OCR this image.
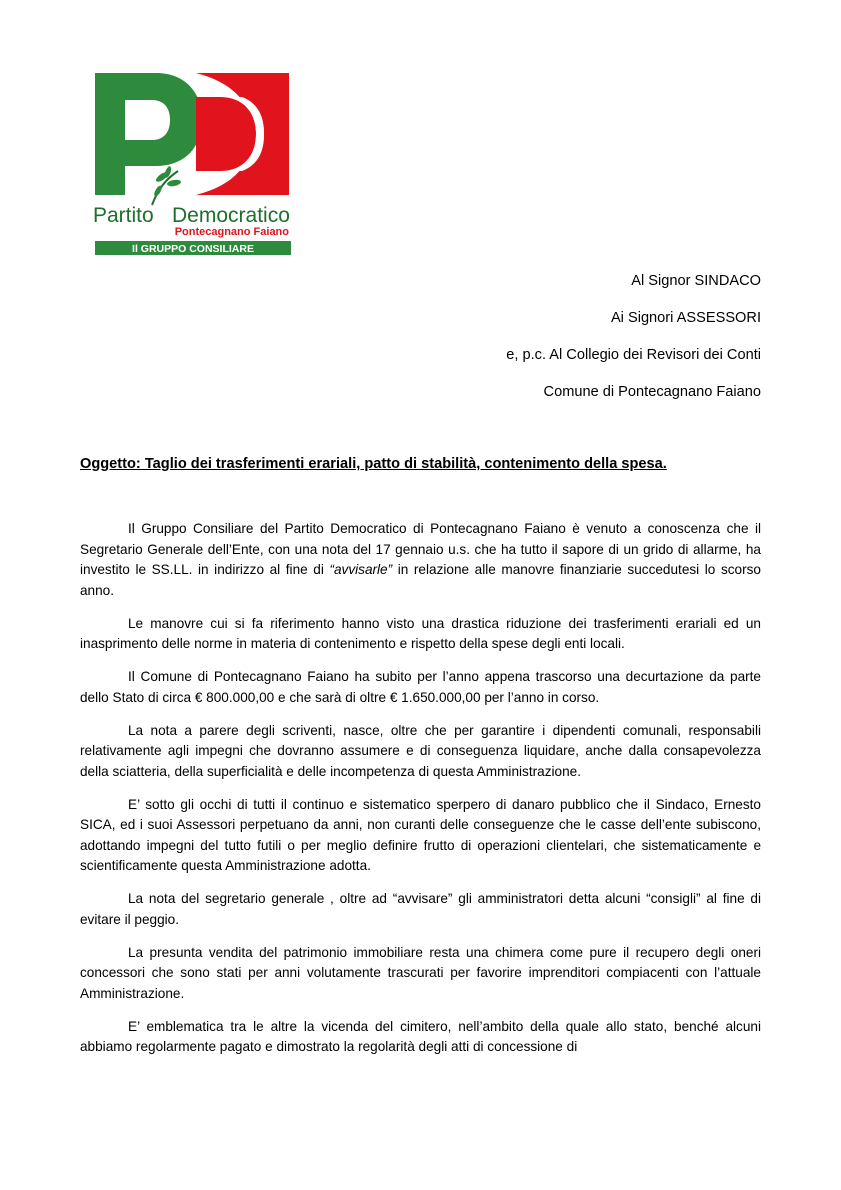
Partito Democratico
Pontecagnano Faiano
Il GRUPPO CONSILIARE
Al Signor SINDACO
Ai Signori ASSESSORI
e, p.c. Al Collegio dei Revisori dei Conti
Comune di Pontecagnano Faiano
Oggetto: Taglio dei trasferimenti erariali, patto di stabilità, contenimento della spesa.

Il Gruppo Consiliare del Partito Democratico di Pontecagnano Faiano è venuto a conoscenza che il Segretario Generale dell’Ente, con una nota del 17 gennaio u.s. che ha tutto il sapore di un grido di allarme, ha investito le SS.LL. in indirizzo al fine di “avvisarle” in relazione alle manovre finanziarie succedutesi lo scorso anno.

Le manovre cui si fa riferimento hanno visto una drastica riduzione dei trasferimenti erariali ed un inasprimento delle norme in materia di contenimento e rispetto della spese degli enti locali.

Il Comune di Pontecagnano Faiano ha subito per l’anno appena trascorso una decurtazione da parte dello Stato di circa € 800.000,00 e che sarà di oltre € 1.650.000,00 per l’anno in corso.

La nota a parere degli scriventi, nasce, oltre che per garantire i dipendenti comunali, responsabili relativamente agli impegni che dovranno assumere e di conseguenza liquidare, anche dalla consapevolezza della sciatteria, della superficialità e delle incompetenza di questa Amministrazione.

E’ sotto gli occhi di tutti il continuo e sistematico sperpero di danaro pubblico che il Sindaco, Ernesto SICA, ed i suoi Assessori perpetuano da anni, non curanti delle conseguenze che le casse dell’ente subiscono, adottando impegni del tutto futili o per meglio definire frutto di operazioni clientelari, che sistematicamente e scientificamente questa Amministrazione adotta.

La nota del segretario generale , oltre ad “avvisare” gli amministratori detta alcuni “consigli” al fine di evitare il peggio.

La presunta vendita del patrimonio immobiliare resta una chimera come pure il recupero degli oneri concessori che sono stati per anni volutamente trascurati per favorire imprenditori compiacenti con l’attuale Amministrazione.

E’ emblematica tra le altre la vicenda del cimitero, nell’ambito della quale allo stato, benché alcuni abbiamo regolarmente pagato e dimostrato la regolarità degli atti di concessione di
